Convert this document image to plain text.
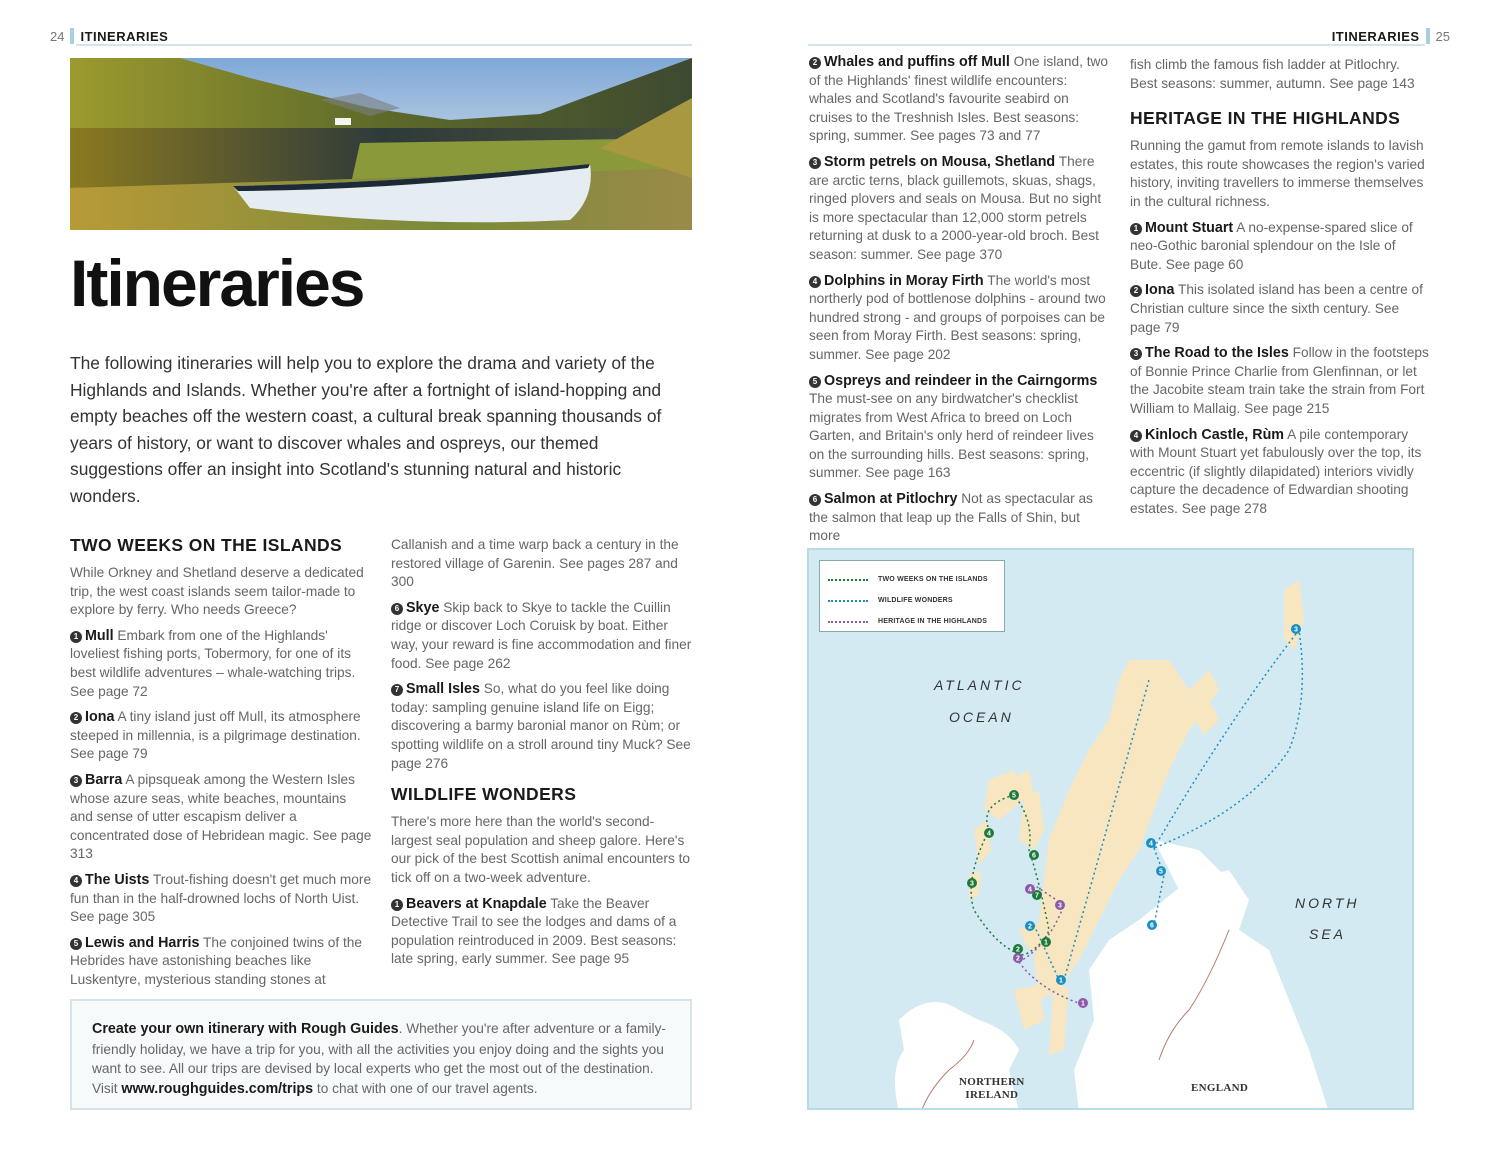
24 ITINERARIES
Itineraries
The following itineraries will help you to explore the drama and variety of the Highlands and Islands. Whether you're after a fortnight of island-hopping and empty beaches off the western coast, a cultural break spanning thousands of years of history, or want to discover whales and ospreys, our themed suggestions offer an insight into Scotland's stunning natural and historic wonders.
TWO WEEKS ON THE ISLANDS

While Orkney and Shetland deserve a dedicated trip, the west coast islands seem tailor-made to explore by ferry. Who needs Greece?

1 Mull Embark from one of the Highlands' loveliest fishing ports, Tobermory, for one of its best wildlife adventures – whale-watching trips. See page 72

2 Iona A tiny island just off Mull, its atmosphere steeped in millennia, is a pilgrimage destination. See page 79

3 Barra A pipsqueak among the Western Isles whose azure seas, white beaches, mountains and sense of utter escapism deliver a concentrated dose of Hebridean magic. See page 313

4 The Uists Trout-fishing doesn't get much more fun than in the half-drowned lochs of North Uist. See page 305

5 Lewis and Harris The conjoined twins of the Hebrides have astonishing beaches like Luskentyre, mysterious standing stones at

Callanish and a time warp back a century in the restored village of Garenin. See pages 287 and 300

6 Skye Skip back to Skye to tackle the Cuillin ridge or discover Loch Coruisk by boat. Either way, your reward is fine accommodation and finer food. See page 262

7 Small Isles So, what do you feel like doing today: sampling genuine island life on Eigg; discovering a barmy baronial manor on Rùm; or spotting wildlife on a stroll around tiny Muck? See page 276

WILDLIFE WONDERS

There's more here than the world's second-largest seal population and sheep galore. Here's our pick of the best Scottish animal encounters to tick off on a two-week adventure.

1 Beavers at Knapdale Take the Beaver Detective Trail to see the lodges and dams of a population reintroduced in 2009. Best seasons: late spring, early summer. See page 95

Create your own itinerary with Rough Guides. Whether you're after adventure or a family-friendly holiday, we have a trip for you, with all the activities you enjoy doing and the sights you want to see. All our trips are devised by local experts who get the most out of the destination. Visit www.roughguides.com/trips to chat with one of our travel agents.
ITINERARIES 25

2 Whales and puffins off Mull One island, two of the Highlands' finest wildlife encounters: whales and Scotland's favourite seabird on cruises to the Treshnish Isles. Best seasons: spring, summer. See pages 73 and 77

3 Storm petrels on Mousa, Shetland There are arctic terns, black guillemots, skuas, shags, ringed plovers and seals on Mousa. But no sight is more spectacular than 12,000 storm petrels returning at dusk to a 2000-year-old broch. Best season: summer. See page 370

4 Dolphins in Moray Firth The world's most northerly pod of bottlenose dolphins - around two hundred strong - and groups of porpoises can be seen from Moray Firth. Best seasons: spring, summer. See page 202

5 Ospreys and reindeer in the Cairngorms The must-see on any birdwatcher's checklist migrates from West Africa to breed on Loch Garten, and Britain's only herd of reindeer lives on the surrounding hills. Best seasons: spring, summer. See page 163

6 Salmon at Pitlochry Not as spectacular as the salmon that leap up the Falls of Shin, but more

fish climb the famous fish ladder at Pitlochry. Best seasons: summer, autumn. See page 143

HERITAGE IN THE HIGHLANDS

Running the gamut from remote islands to lavish estates, this route showcases the region's varied history, inviting travellers to immerse themselves in the cultural richness.

1 Mount Stuart A no-expense-spared slice of neo-Gothic baronial splendour on the Isle of Bute. See page 60

2 Iona This isolated island has been a centre of Christian culture since the sixth century. See page 79

3 The Road to the Isles Follow in the footsteps of Bonnie Prince Charlie from Glenfinnan, or let the Jacobite steam train take the strain from Fort William to Mallaig. See page 215

4 Kinloch Castle, Rùm A pile contemporary with Mount Stuart yet fabulously over the top, its eccentric (if slightly dilapidated) interiors vividly capture the decadence of Edwardian shooting estates. See page 278

5
4
3
6
7
1
2
3
4
5
6
2
1
1
2
3
4
TWO WEEKS ON THE ISLANDS
WILDLIFE WONDERS
HERITAGE IN THE HIGHLANDS
ATLANTIC
OCEAN
NORTH
SEA
NORTHERN
IRELAND
ENGLAND
